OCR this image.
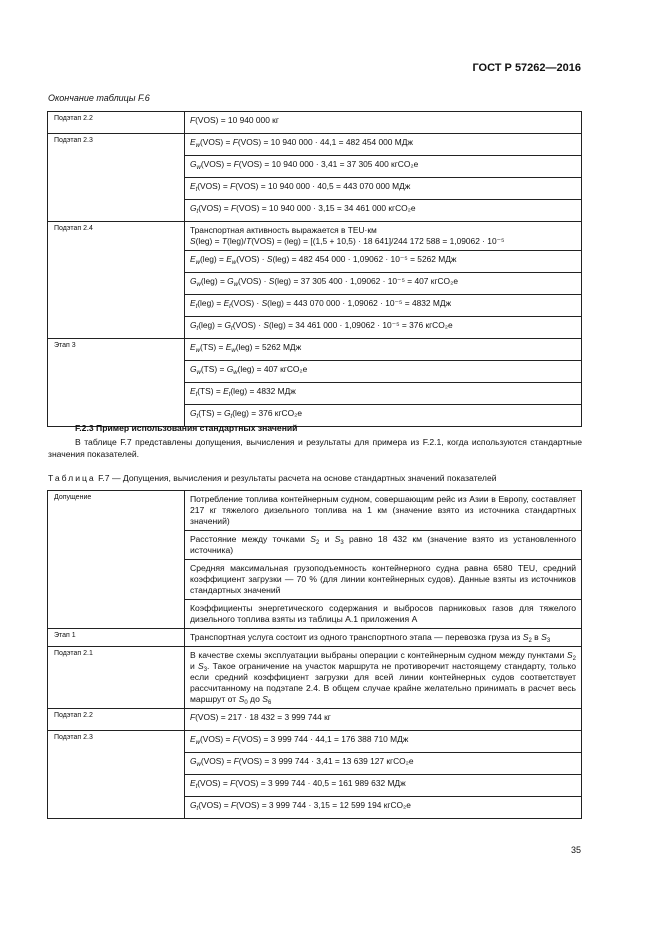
ГОСТ Р 57262—2016
Окончание таблицы F.6
Подэтап 2.2	F(VOS) = 10 940 000 кг
Подэтап 2.3	$E_w(VOS) = F(VOS) = 10$ 940 000 · 44,1 = 482 454 000 МДж
	$G_w(VOS) = F(VOS) = 10$ 940 000 · 3,41 = 37 305 400 кгCO₂е
	$E_t(VOS) = F(VOS) = 10$ 940 000 · 40,5 = 443 070 000 МДж
	$G_t(VOS) = F(VOS) = 10$ 940 000 · 3,15 = 34 461 000 кгCO₂е
Подэтап 2.4	Транспортная активность выражается в TEU·км
S(leg) = T(leg)/T(VOS) = (leg) = [(1,5 + 10,5) · 18 641]/244 172 588 = 1,09062 · 10⁻⁵

	$E_w(leg) = E_w(VOS) \cdot S(leg) = 482$ 454 000 · 1,09062 · 10⁻⁵ = 5262 МДж
	$G_w(leg) = G_w(VOS) \cdot S(leg) = 37$ 305 400 · 1,09062 · 10⁻⁵ = 407 кгCO₂е
	$E_t(leg) = E_t(VOS) \cdot S(leg) = 443$ 070 000 · 1,09062 · 10⁻⁵ = 4832 МДж
	$G_t(leg) = G_t(VOS) \cdot S(leg) = 34$ 461 000 · 1,09062 · 10⁻⁵ = 376 кгCO₂е
Этап 3	$E_w(TS) = E_w(leg) = 5262$ МДж
	$G_w(TS) = G_w(leg) = 407$ кгCO₂е
	$E_t(TS) = E_t(leg) = 4832$ МДж
	$G_t(TS) = G_t(leg) = 376$ кгCO₂е
F.2.3 Пример использования стандартных значений
В таблице F.7 представлены допущения, вычисления и результаты для примера из F.2.1, когда используются стандартные значения показателей.
Таблица F.7 — Допущения, вычисления и результаты расчета на основе стандартных значений показателей
Допущение	Потребление топлива контейнерным судном, совершающим рейс из Азии в Европу, составляет 217 кг тяжелого дизельного топлива на 1 км (значение взято из источника стандартных значений)
	Расстояние между точками $S_2$ и $S_3$ равно 18 432 км (значение взято из установленного источника)
	Средняя максимальная грузоподъемность контейнерного судна равна 6580 TEU, средний коэффициент загрузки — 70 % (для линии контейнерных судов). Данные взяты из источников стандартных значений
	Коэффициенты энергетического содержания и выбросов парниковых газов для тяжелого дизельного топлива взяты из таблицы А.1 приложения А
Этап 1	Транспортная услуга состоит из одного транспортного этапа — перевозка груза из $S_2$ в $S_3$
Подэтап 2.1	В качестве схемы эксплуатации выбраны операции с контейнерным судном между пунктами $S_2$ и $S_3$. Такое ограничение на участок маршрута не противоречит настоящему стандарту, только если средний коэффициент загрузки для всей линии контейнерных судов соответствует рассчитанному на подэтапе 2.4. В общем случае крайне желательно принимать в расчет весь маршрут от $S_0$ до $S_6$
Подэтап 2.2	F(VOS) = 217 · 18 432 = 3 999 744 кг
Подэтап 2.3	$E_w(VOS) = F(VOS) = 3$ 999 744 · 44,1 = 176 388 710 МДж
	$G_w(VOS) = F(VOS) = 3$ 999 744 · 3,41 = 13 639 127 кгCO₂е
	$E_t(VOS) = F(VOS) = 3$ 999 744 · 40,5 = 161 989 632 МДж
	$G_t(VOS) = F(VOS) = 3$ 999 744 · 3,15 = 12 599 194 кгCO₂е
35
